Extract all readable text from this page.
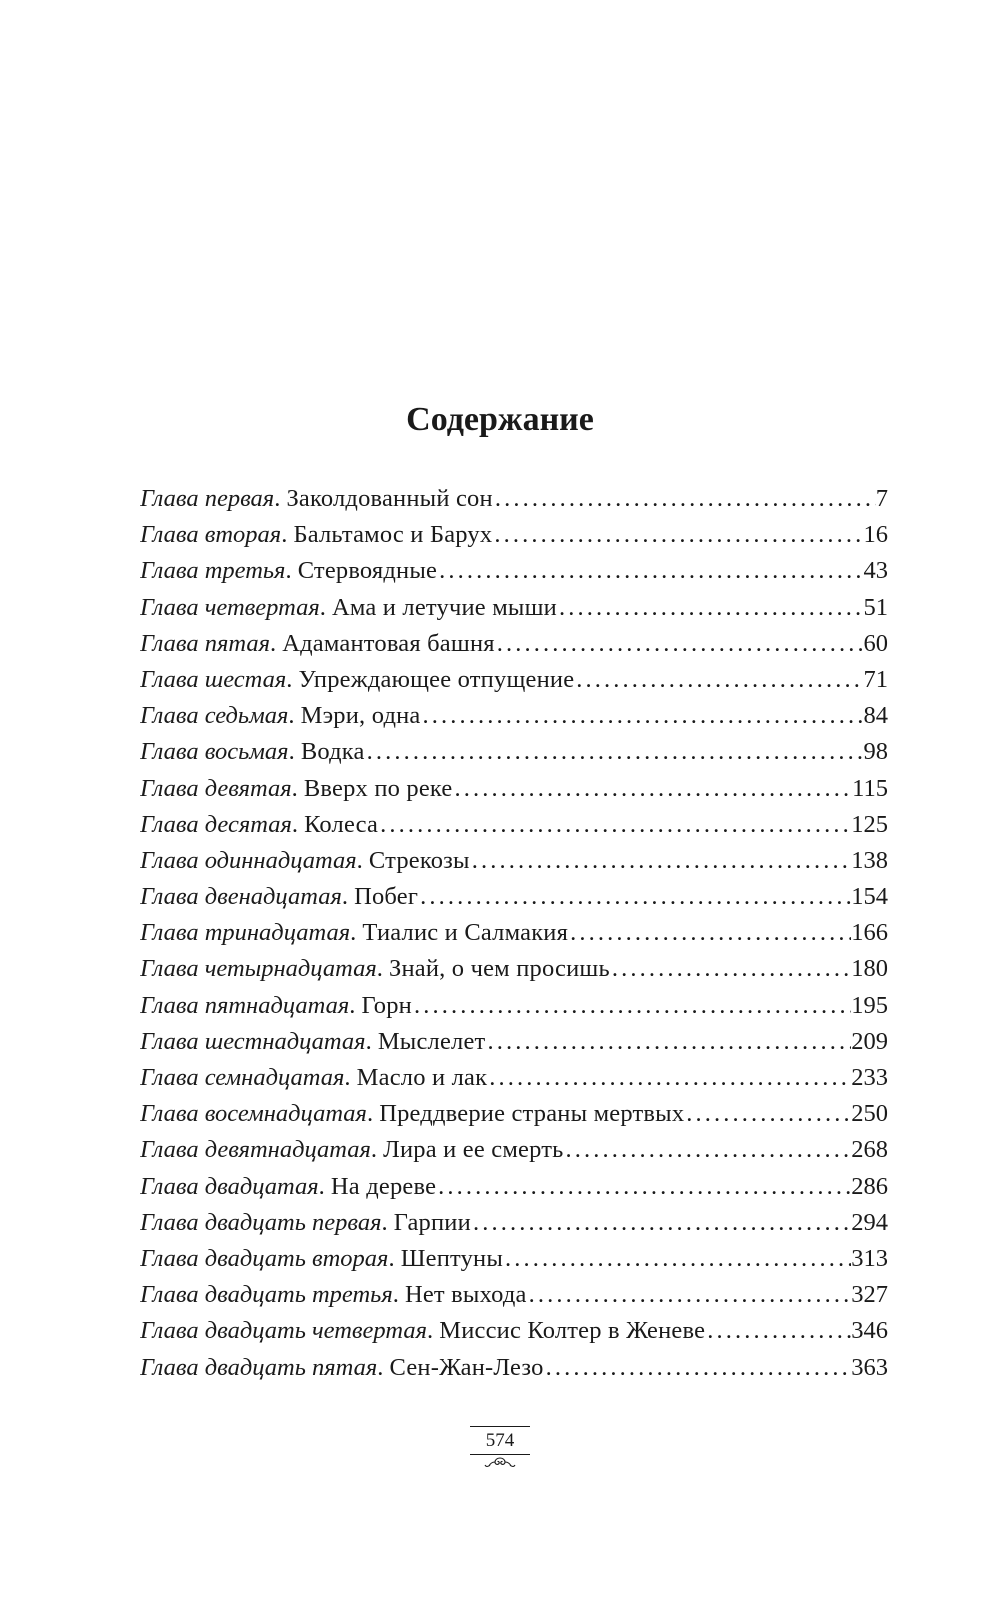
Содержание
Глава первая . Заколдованный сон . . .	7
Глава вторая . Бальтамос и Барух . . .	16
Глава третья . Стервоядные . . .	43
Глава четвертая . Ама и летучие мыши . . .	51
Глава пятая . Адамантовая башня . . .	60
Глава шестая . Упреждающее отпущение . . .	71
Глава седьмая . Мэри, одна . . .	84
Глава восьмая . Водка . . .	98
Глава девятая . Вверх по реке . . .	115
Глава десятая . Колеса . . .	125
Глава одиннадцатая . Стрекозы . . .	138
Глава двенадцатая . Побег . . .	154
Глава тринадцатая . Тиалис и Салмакия . . .	166
Глава четырнадцатая . Знай, о чем просишь . . .	180
Глава пятнадцатая . Горн . . .	195
Глава шестнадцатая . Мыслелет . . .	209
Глава семнадцатая . Масло и лак . . .	233
Глава восемнадцатая . Преддверие страны мертвых . . .	250
Глава девятнадцатая . Лира и ее смерть . . .	268
Глава двадцатая . На дереве . . .	286
Глава двадцать первая . Гарпии . . .	294
Глава двадцать вторая . Шептуны . . .	313
Глава двадцать третья . Нет выхода . . .	327
Глава двадцать четвертая . Миссис Колтер в Женеве . . .	346
Глава двадцать пятая . Сен-Жан-Лезо . . .	363
574
